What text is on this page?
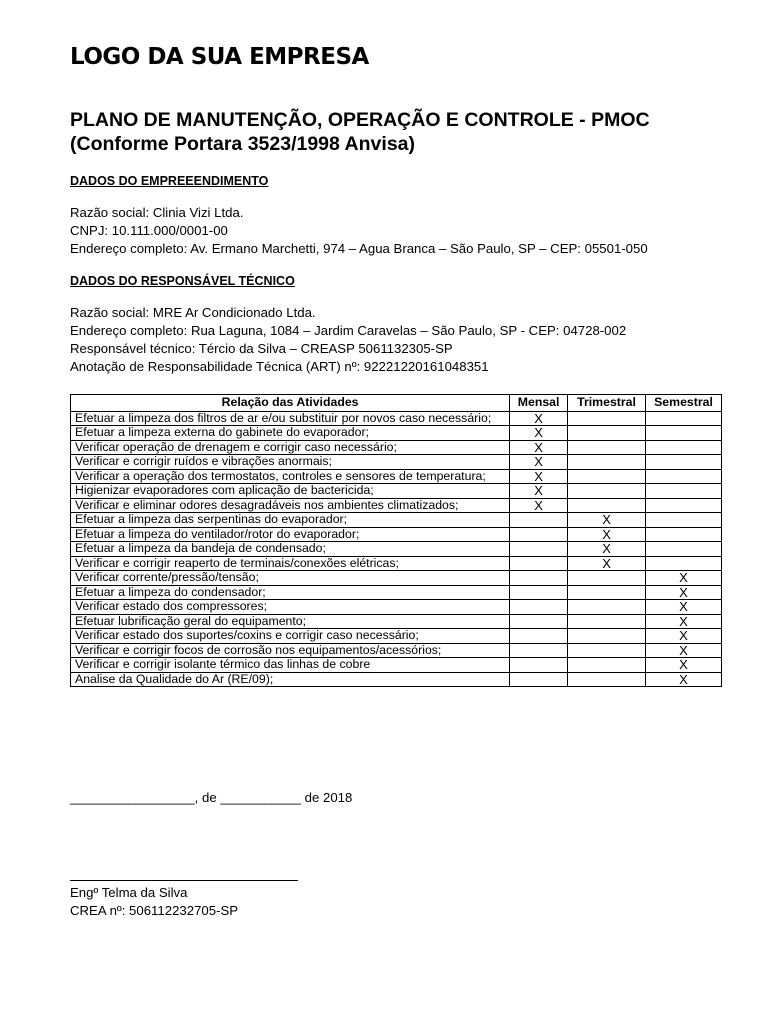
LOGO DA SUA EMPRESA
PLANO DE MANUTENÇÃO, OPERAÇÃO E CONTROLE - PMOC
(Conforme Portara 3523/1998 Anvisa)
DADOS DO EMPREEENDIMENTO
Razão social: Clinia Vizi Ltda.
CNPJ: 10.111.000/0001-00
Endereço completo: Av. Ermano Marchetti, 974 – Agua Branca – São Paulo, SP – CEP: 05501-050
DADOS DO RESPONSÁVEL TÉCNICO
Razão social: MRE Ar Condicionado Ltda.
Endereço completo: Rua Laguna, 1084 – Jardim Caravelas – São Paulo, SP - CEP: 04728-002
Responsável técnico: Tércio da Silva – CREASP 5061132305-SP
Anotação de Responsabilidade Técnica (ART) nº: 92221220161048351
Relação das Atividades	Mensal	Trimestral	Semestral
Efetuar a limpeza dos filtros de ar e/ou substituir por novos caso necessário;	X		
Efetuar a limpeza externa do gabinete do evaporador;	X		
Verificar operação de drenagem e corrigir caso necessário;	X		
Verificar e corrigir ruídos e vibrações anormais;	X		
Verificar a operação dos termostatos, controles e sensores de temperatura;	X		
Higienizar evaporadores com aplicação de bactericida;	X		
Verificar e eliminar odores desagradáveis nos ambientes climatizados;	X		
Efetuar a limpeza das serpentinas do evaporador;		X	
Efetuar a limpeza do ventilador/rotor do evaporador;		X	
Efetuar a limpeza da bandeja de condensado;		X	
Verificar e corrigir reaperto de terminais/conexões elétricas;		X	
Verificar corrente/pressão/tensão;			X
Efetuar a limpeza do condensador;			X
Verificar estado dos compressores;			X
Efetuar lubrificação geral do equipamento;			X
Verificar estado dos suportes/coxins e corrigir caso necessário;			X
Verificar e corrigir focos de corrosão nos equipamentos/acessórios;			X
Verificar e corrigir isolante térmico das linhas de cobre			X
Analise da Qualidade do Ar (RE/09);			X
_________________, de ___________ de 2018
Engº Telma da Silva
CREA nº: 506112232705-SP
